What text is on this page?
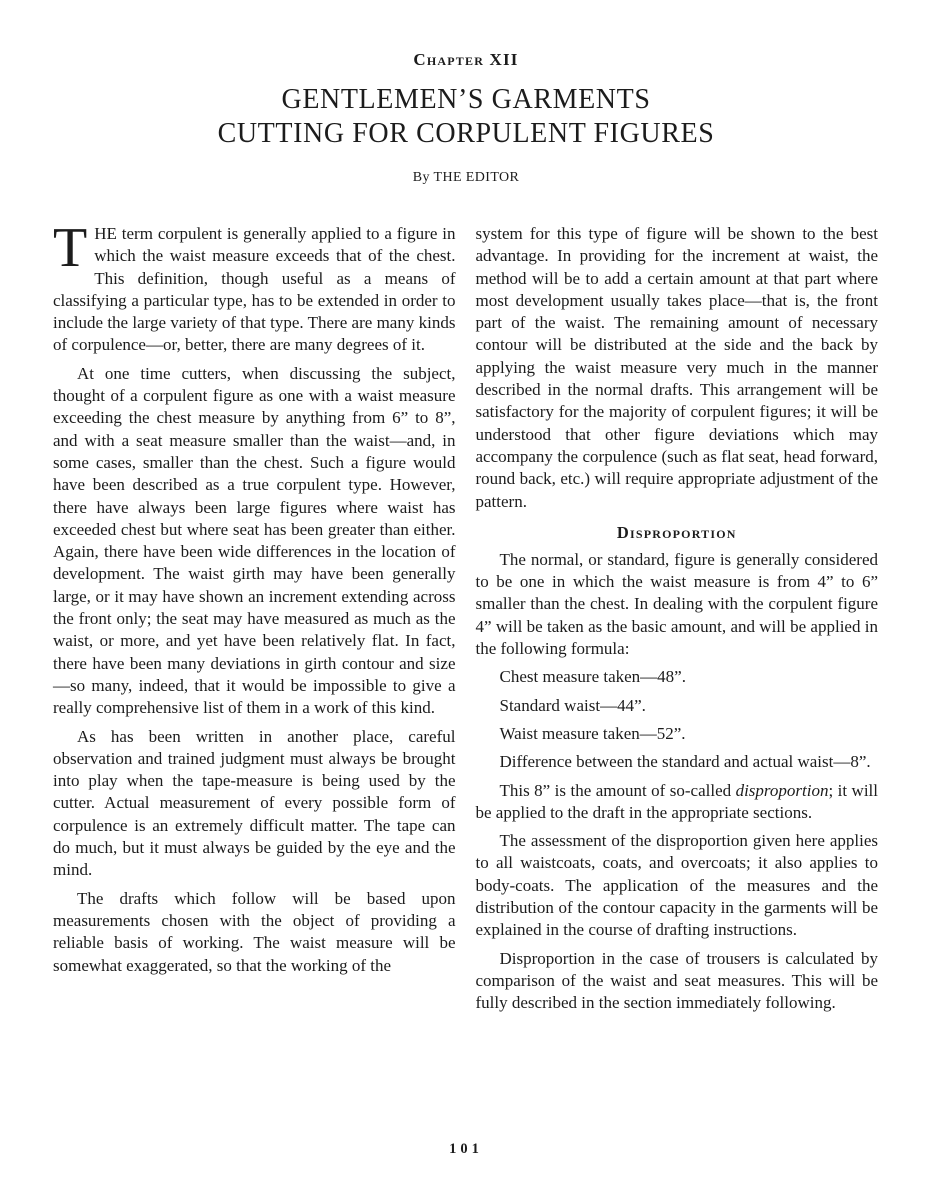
Chapter XII
GENTLEMEN’S GARMENTS
CUTTING FOR CORPULENT FIGURES
By THE EDITOR

THE term corpulent is generally applied to a figure in which the waist measure exceeds that of the chest. This definition, though useful as a means of classifying a particular type, has to be extended in order to include the large variety of that type. There are many kinds of corpulence—or, better, there are many degrees of it.

At one time cutters, when discussing the subject, thought of a corpulent figure as one with a waist measure exceeding the chest measure by anything from 6” to 8”, and with a seat measure smaller than the waist—and, in some cases, smaller than the chest. Such a figure would have been described as a true corpulent type. However, there have always been large figures where waist has exceeded chest but where seat has been greater than either. Again, there have been wide differences in the location of development. The waist girth may have been generally large, or it may have shown an increment extending across the front only; the seat may have measured as much as the waist, or more, and yet have been relatively flat. In fact, there have been many deviations in girth contour and size—so many, indeed, that it would be impossible to give a really comprehensive list of them in a work of this kind.

As has been written in another place, careful observation and trained judgment must always be brought into play when the tape-measure is being used by the cutter. Actual measurement of every possible form of corpulence is an extremely difficult matter. The tape can do much, but it must always be guided by the eye and the mind.

The drafts which follow will be based upon measurements chosen with the object of providing a reliable basis of working. The waist measure will be somewhat exaggerated, so that the working of the

system for this type of figure will be shown to the best advantage. In providing for the increment at waist, the method will be to add a certain amount at that part where most development usually takes place—that is, the front part of the waist. The remaining amount of necessary contour will be distributed at the side and the back by applying the waist measure very much in the manner described in the normal drafts. This arrangement will be satisfactory for the majority of corpulent figures; it will be understood that other figure deviations which may accompany the corpulence (such as flat seat, head forward, round back, etc.) will require appropriate adjustment of the pattern.

Disproportion

The normal, or standard, figure is generally considered to be one in which the waist measure is from 4” to 6” smaller than the chest. In dealing with the corpulent figure 4” will be taken as the basic amount, and will be applied in the following formula:

Chest measure taken—48”.

Standard waist—44”.

Waist measure taken—52”.

Difference between the standard and actual waist—8”.

This 8” is the amount of so-called disproportion; it will be applied to the draft in the appropriate sections.

The assessment of the disproportion given here applies to all waistcoats, coats, and overcoats; it also applies to body-coats. The application of the measures and the distribution of the contour capacity in the garments will be explained in the course of drafting instructions.

Disproportion in the case of trousers is calculated by comparison of the waist and seat measures. This will be fully described in the section immediately following.

101
